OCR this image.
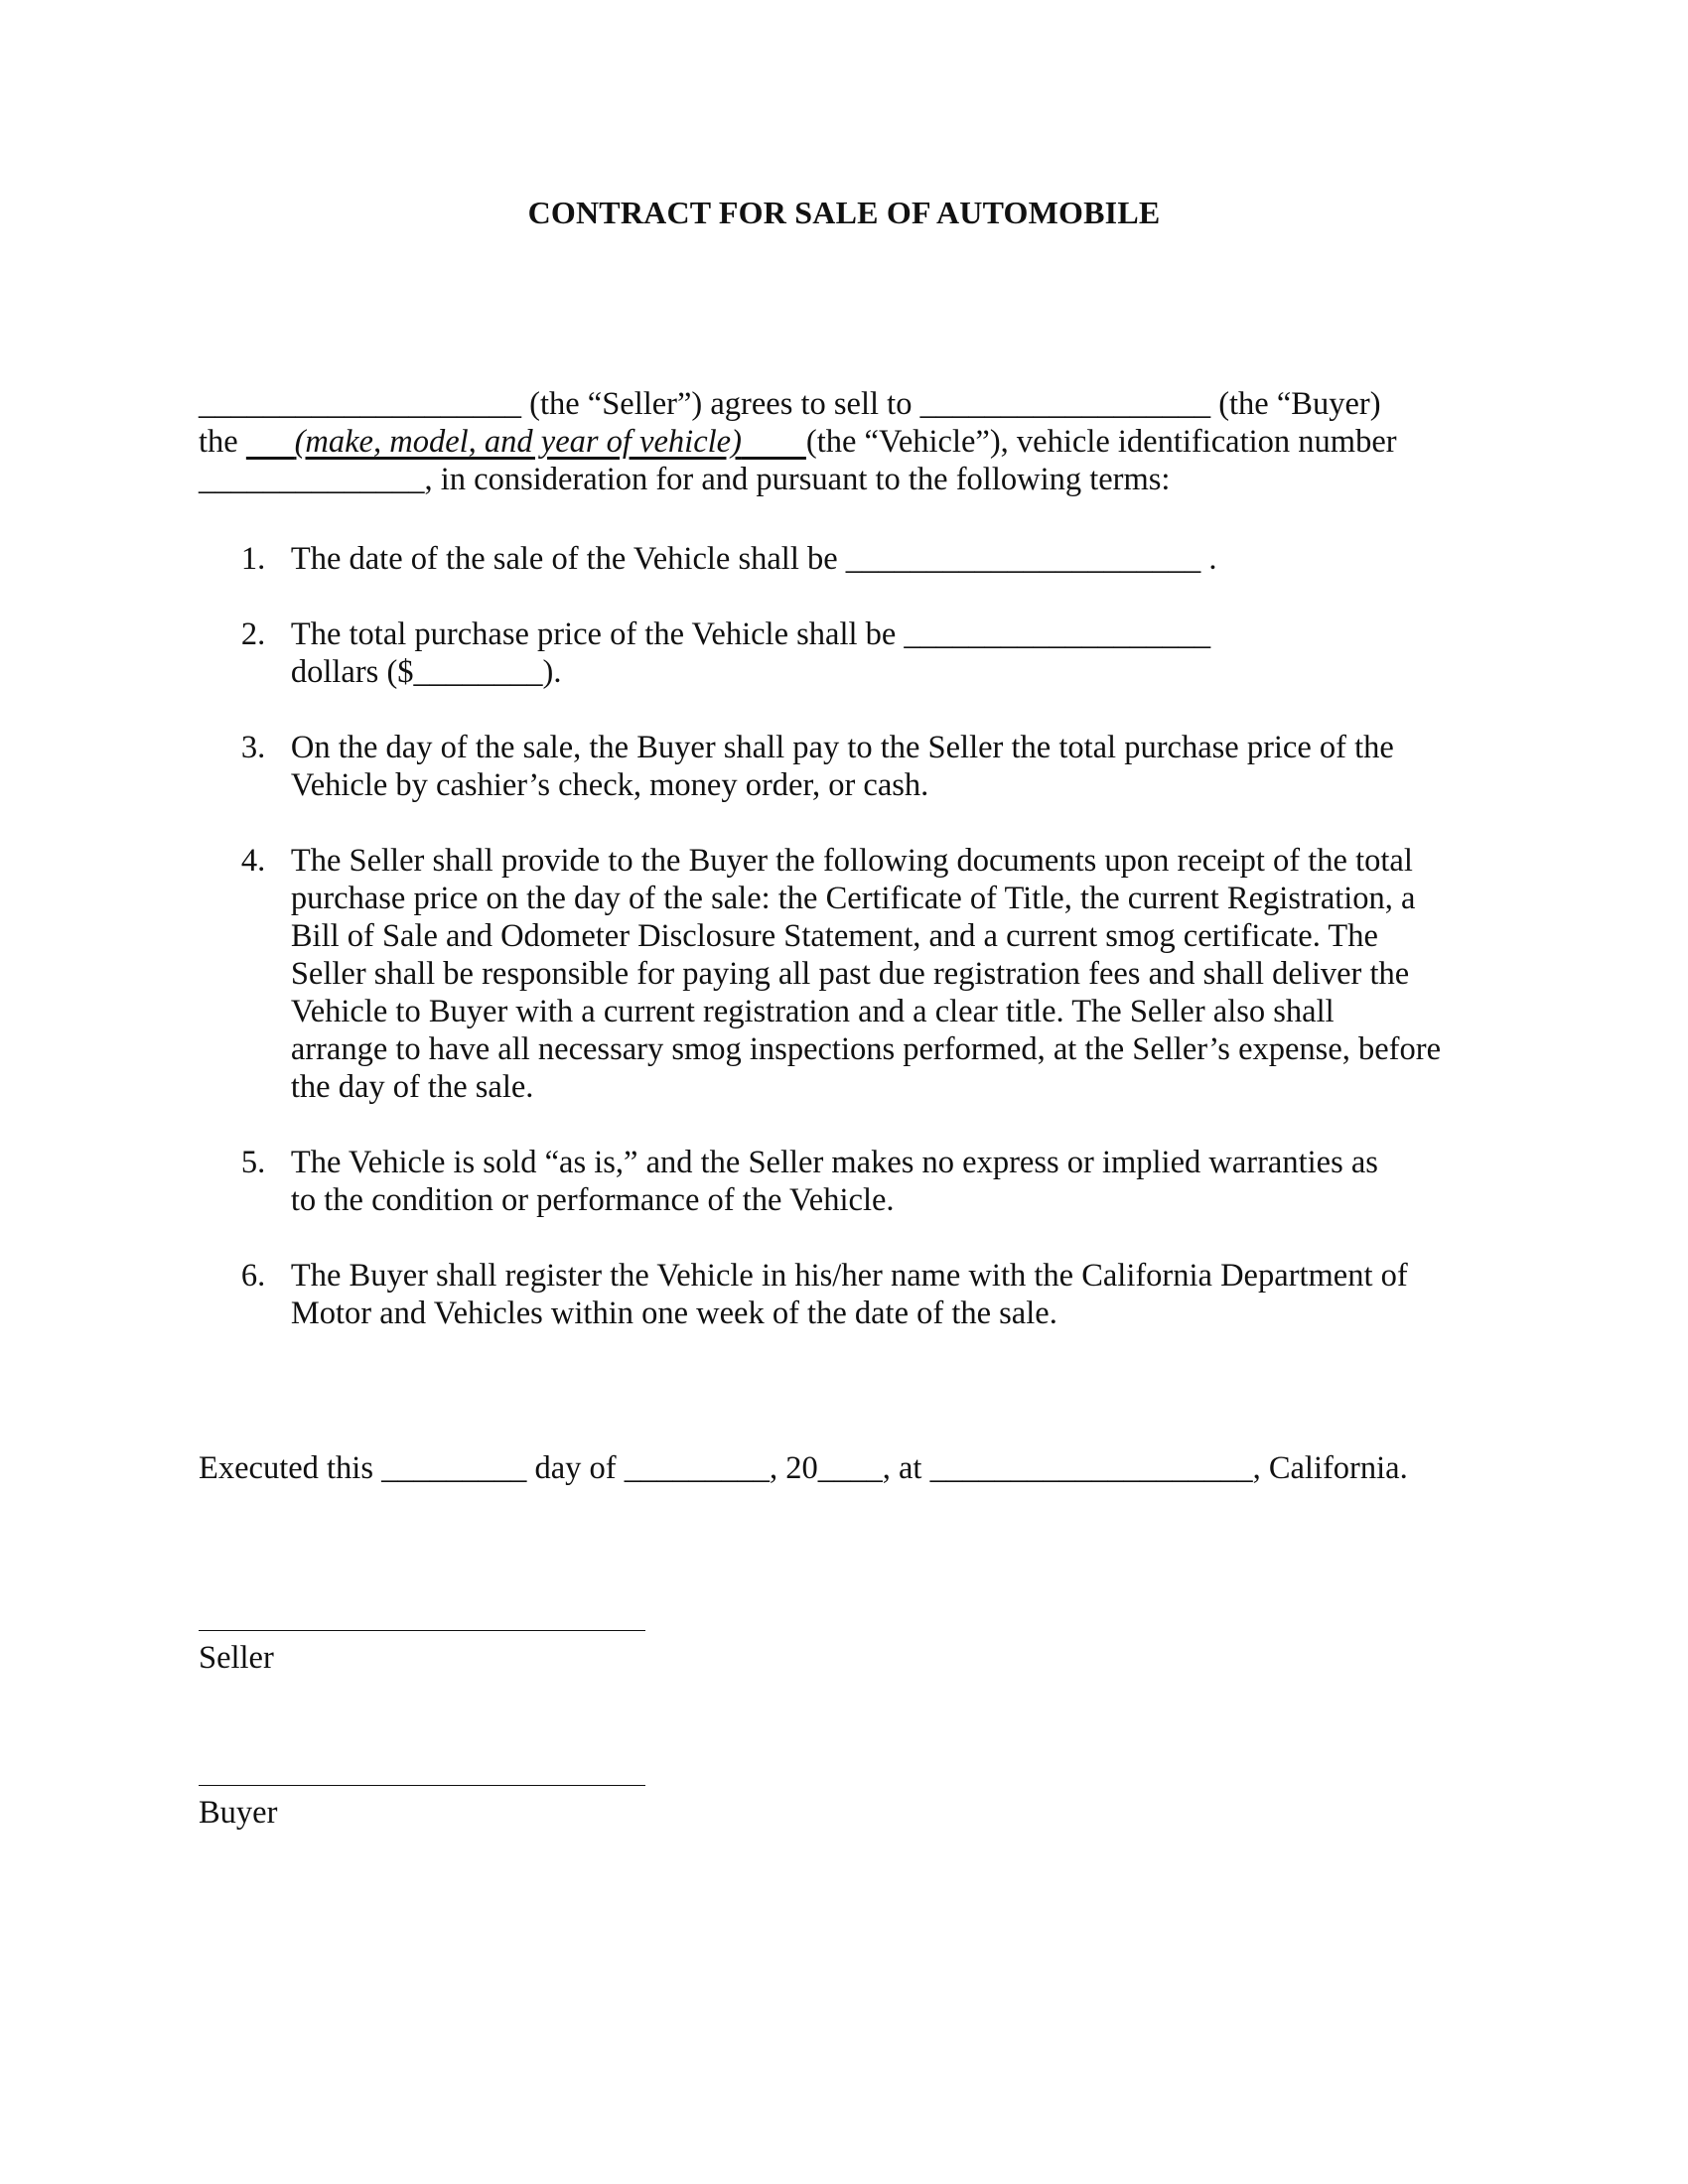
CONTRACT FOR SALE OF AUTOMOBILE
____________________ (the “Seller”) agrees to sell to __________________ (the “Buyer)
the       (make, model, and year of vehicle) (the “Vehicle”), vehicle identification number
______________, in consideration for and pursuant to the following terms:
1. The date of the sale of the Vehicle shall be ______________________ .
2. The total purchase price of the Vehicle shall be ___________________
dollars ($________).
3. On the day of the sale, the Buyer shall pay to the Seller the total purchase price of the
Vehicle by cashier’s check, money order, or cash.
4. The Seller shall provide to the Buyer the following documents upon receipt of the total
purchase price on the day of the sale: the Certificate of Title, the current Registration, a
Bill of Sale and Odometer Disclosure Statement, and a current smog certificate. The
Seller shall be responsible for paying all past due registration fees and shall deliver the
Vehicle to Buyer with a current registration and a clear title. The Seller also shall
arrange to have all necessary smog inspections performed, at the Seller’s expense, before
the day of the sale.
5. The Vehicle is sold “as is,” and the Seller makes no express or implied warranties as
to the condition or performance of the Vehicle.
6. The Buyer shall register the Vehicle in his/her name with the California Department of
Motor and Vehicles within one week of the date of the sale.
Executed this _________ day of _________, 20____, at ____________________, California.
Seller
Buyer
